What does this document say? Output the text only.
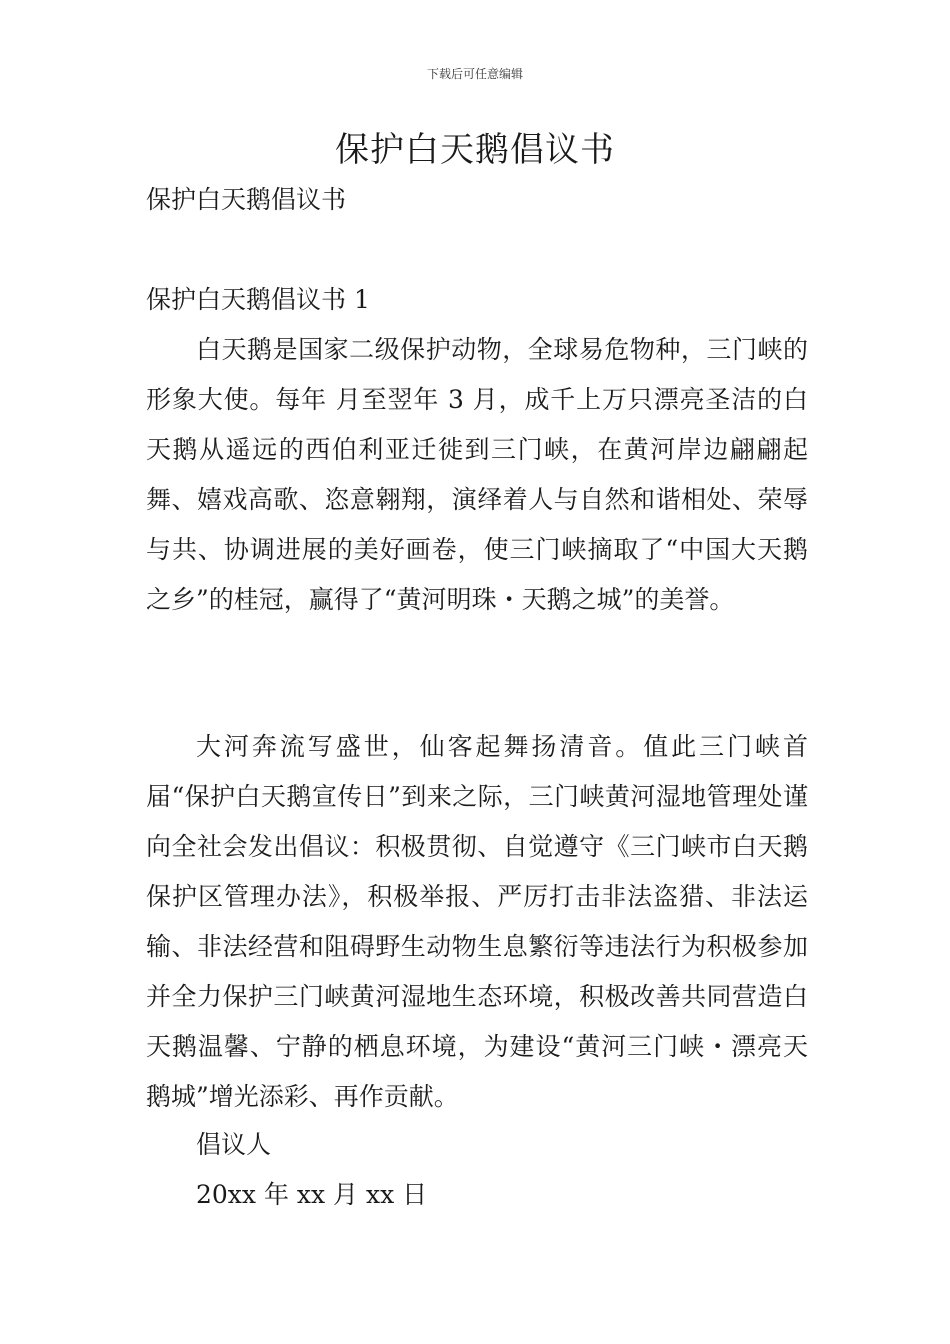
下载后可任意编辑
保护白天鹅倡议书

保护白天鹅倡议书

保护白天鹅倡议书 1

白天鹅是国家二级保护动物，全球易危物种，三门峡的形象大使。每年 月至翌年 3 月，成千上万只漂亮圣洁的白天鹅从遥远的西伯利亚迁徙到三门峡，在黄河岸边翩翩起舞、嬉戏高歌、恣意翱翔，演绎着人与自然和谐相处、荣辱与共、协调进展的美好画卷，使三门峡摘取了“中国大天鹅之乡”的桂冠，赢得了“黄河明珠・天鹅之城”的美誉。

大河奔流写盛世，仙客起舞扬清音。值此三门峡首届“保护白天鹅宣传日”到来之际，三门峡黄河湿地管理处谨向全社会发出倡议：积极贯彻、自觉遵守《三门峡市白天鹅保护区管理办法》，积极举报、严厉打击非法盗猎、非法运输、非法经营和阻碍野生动物生息繁衍等违法行为积极参加并全力保护三门峡黄河湿地生态环境，积极改善共同营造白天鹅温馨、宁静的栖息环境，为建设“黄河三门峡・漂亮天鹅城”增光添彩、再作贡献。

倡议人

20xx 年 xx 月 xx 日
